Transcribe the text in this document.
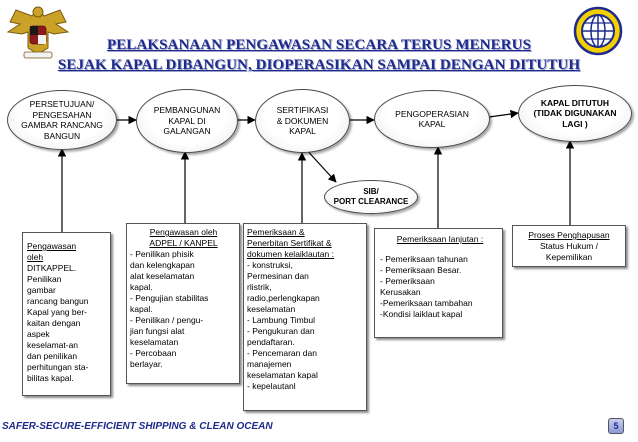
PELAKSANAAN PENGAWASAN SECARA TERUS MENERUS
SEJAK KAPAL DIBANGUN, DIOPERASIKAN SAMPAI DENGAN DITUTUH
PERSETUJUAN/
PENGESAHAN
GAMBAR RANCANG
BANGUN
PEMBANGUNAN
KAPAL DI
GALANGAN
SERTIFIKASI
& DOKUMEN
KAPAL
PENGOPERASIAN
KAPAL
KAPAL DITUTUH
(TIDAK DIGUNAKAN
LAGI )
SIB/
PORT CLEARANCE
Pengawasan
oleh
DITKAPPEL.
Penilikan
gambar
rancang bangun
Kapal yang ber-
kaitan dengan
aspek
keselamat-an
dan penilikan
perhitungan sta-
bilitas kapal.
Pengawasan oleh
ADPEL / KANPEL
- Penilikan phisik
dan kelengkapan
alat keselamatan
kapal.
- Pengujian stabilitas
kapal.
- Penilikan / pengu-
jian fungsi alat
keselamatan
- Percobaan
berlayar.
Pemeriksaan &
Penerbitan Sertifikat &
dokumen kelaiklautan :
- konstruksi,
Permesinan dan
rlistrik,
radio,perlengkapan
keselamatan
- Lambung Timbul
- Pengukuran dan
pendaftaran.
- Pencemaran dan
manajemen
keselamatan kapal
- kepelautanl
Pemeriksaan lanjutan :
- Pemeriksaan tahunan
- Pemeriksaan Besar.
- Pemeriksaan
Kerusakan
-Pemeriksaan tambahan
-Kondisi laiklaut kapal
Proses Penghapusan
Status Hukum /
Kepemilikan

SAFER-SECURE-EFFICIENT SHIPPING & CLEAN OCEAN	5
